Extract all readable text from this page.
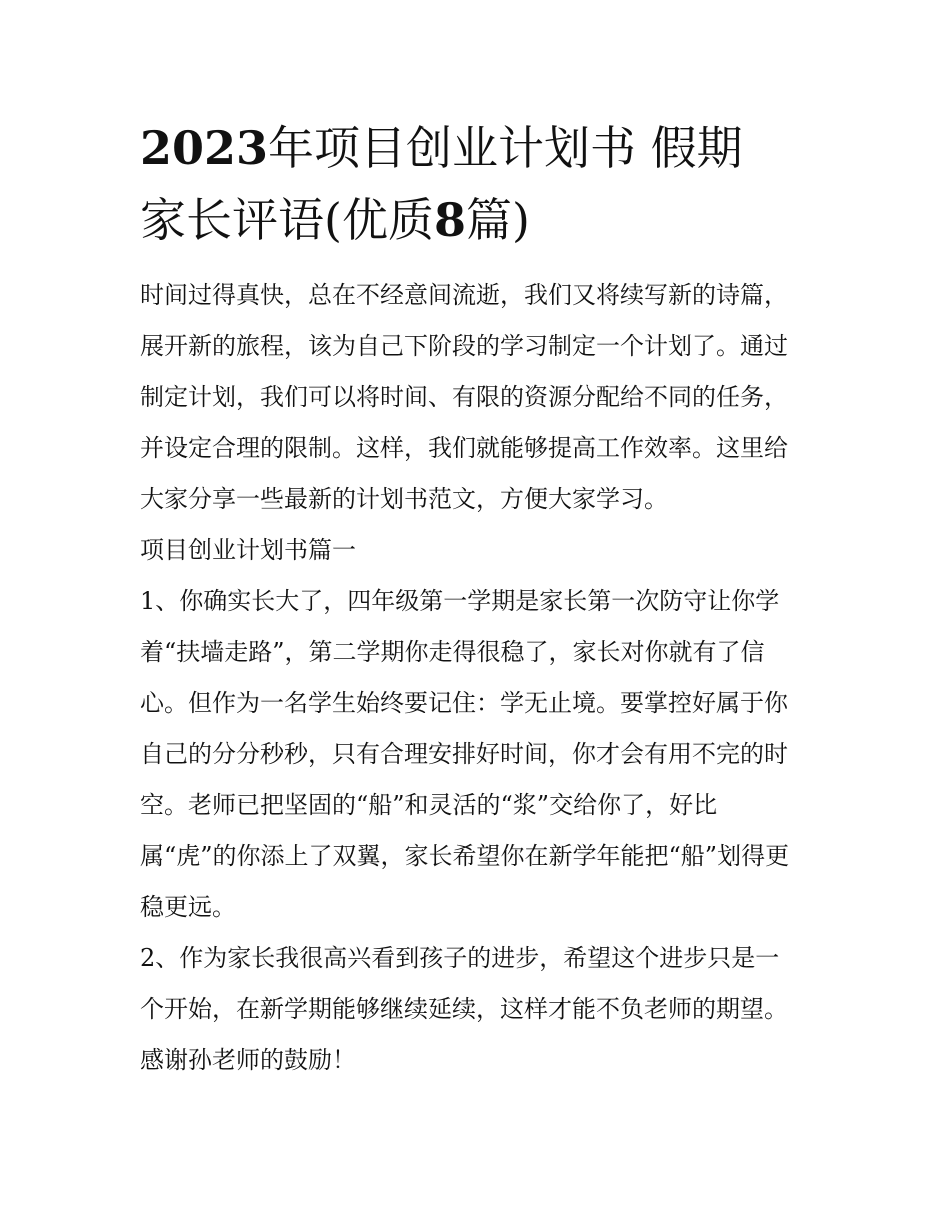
2023年项目创业计划书 假期
家长评语(优质8篇)

时间过得真快，总在不经意间流逝，我们又将续写新的诗篇，
展开新的旅程，该为自己下阶段的学习制定一个计划了。通过
制定计划，我们可以将时间、有限的资源分配给不同的任务，
并设定合理的限制。这样，我们就能够提高工作效率。这里给
大家分享一些最新的计划书范文，方便大家学习。

项目创业计划书篇一

1、你确实长大了，四年级第一学期是家长第一次防守让你学
着“扶墙走路”，第二学期你走得很稳了，家长对你就有了信
心。但作为一名学生始终要记住：学无止境。要掌控好属于你
自己的分分秒秒，只有合理安排好时间，你才会有用不完的时
空。老师已把坚固的“船”和灵活的“浆”交给你了，好比
属“虎”的你添上了双翼，家长希望你在新学年能把“船”划得更
稳更远。

2、作为家长我很高兴看到孩子的进步，希望这个进步只是一
个开始，在新学期能够继续延续，这样才能不负老师的期望。
感谢孙老师的鼓励！
